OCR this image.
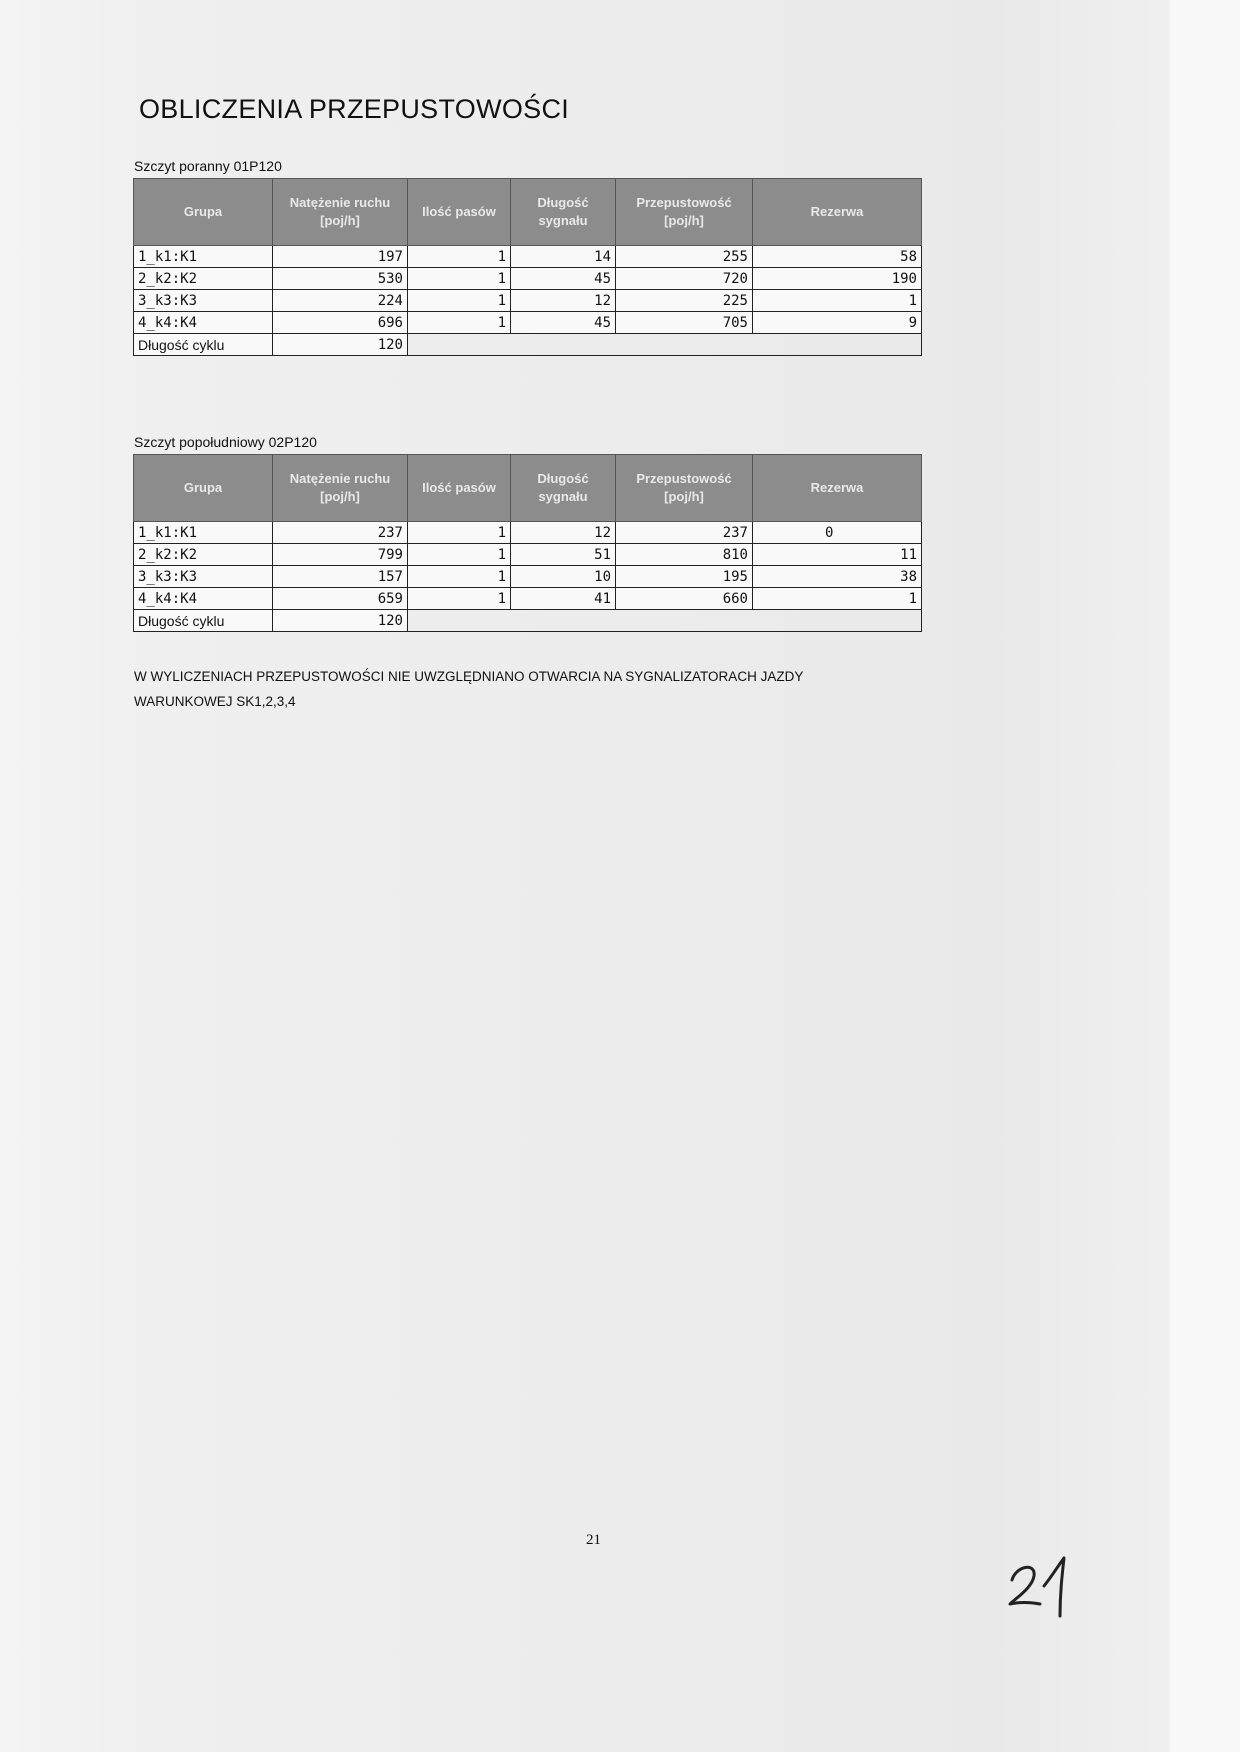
OBLICZENIA PRZEPUSTOWOŚCI

Szczyt poranny 01P120

Grupa	Natężenie ruchu [poj/h]	Ilość pasów	Długość sygnału	Przepustowość [poj/h]	Rezerwa
1_k1:K1	197	1	14	255	58
2_k2:K2	530	1	45	720	190
3_k3:K3	224	1	12	225	1
4_k4:K4	696	1	45	705	9
Długość cyklu	120				

Szczyt popołudniowy 02P120

Grupa	Natężenie ruchu [poj/h]	Ilość pasów	Długość sygnału	Przepustowość [poj/h]	Rezerwa
1_k1:K1	237	1	12	237	0
2_k2:K2	799	1	51	810	11
3_k3:K3	157	1	10	195	38
4_k4:K4	659	1	41	660	1
Długość cyklu	120				

W WYLICZENIACH PRZEPUSTOWOŚCI NIE UWZGLĘDNIANO OTWARCIA NA SYGNALIZATORACH JAZDY WARUNKOWEJ SK1,2,3,4

21
